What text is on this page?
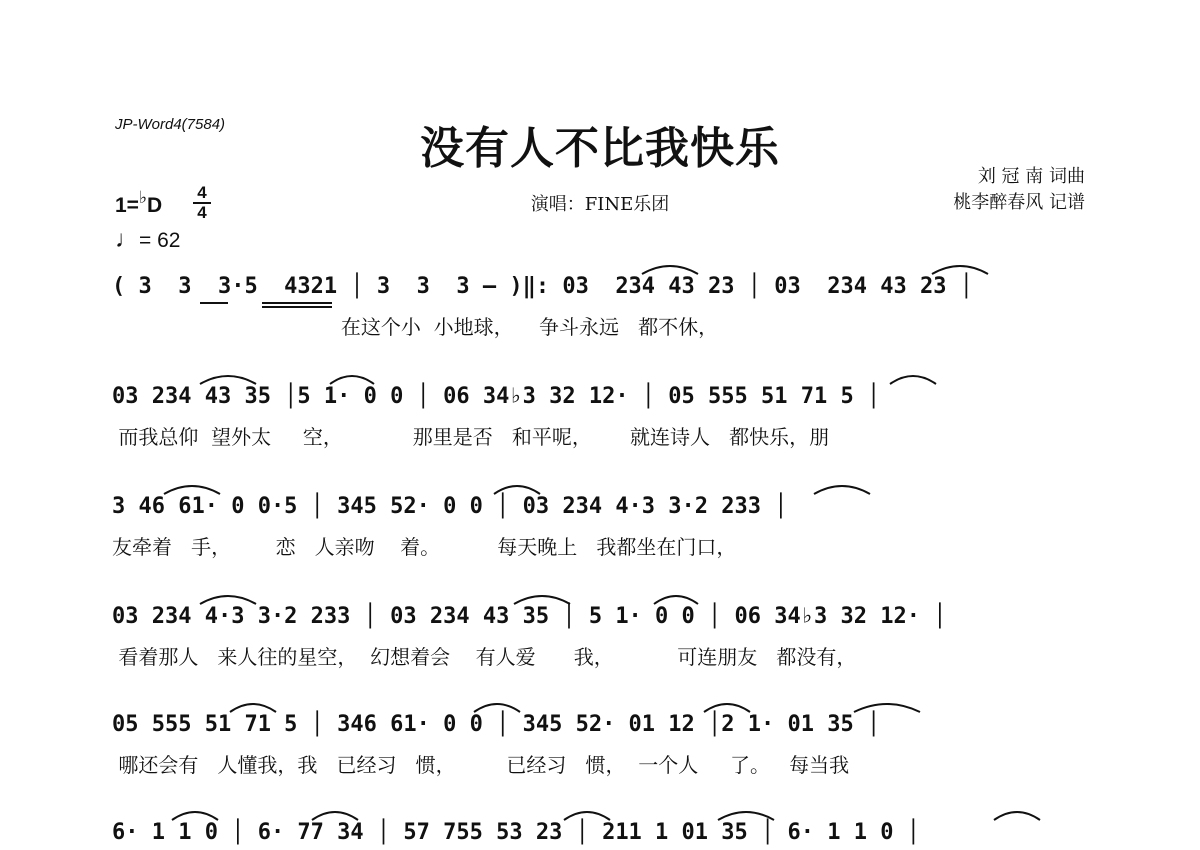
JP-Word4(7584)	没有人不比我快乐
刘 冠 南 词曲
桃李醉春风 记谱
演唱：FINE乐团
1=♭D
4
4
♩= 62
( 3  3  3·5  4321 │ 3  3  3 – )‖: 03  234 43 23 │ 03  234 43 23 │
在这个小  小地球，    争斗永远   都不休，
03 234 43 35 │5 1· 0 0 │ 06 34♭3 32 12· │ 05 555 51 71 5 │
而我总仰  望外太     空，           那里是否   和平呢，      就连诗人   都快乐，朋
3 46 61· 0 0·5 │ 345 52· 0 0 │ 03 234 4·3 3·2 233 │
友牵着   手，       恋   人亲吻    着。         每天晚上   我都坐在门口，
03 234 4·3 3·2 233 │ 03 234 43 35 │ 5 1· 0 0 │ 06 34♭3 32 12· │
看着那人   来人往的星空，  幻想着会    有人爱      我，          可连朋友   都没有，
05 555 51 71 5 │ 346 61· 0 0 │ 345 52· 01 12 │2 1· 01 35 │
哪还会有   人懂我，我   已经习   惯，        已经习   惯，  一个人     了。   每当我
6· 1 1 0 │ 6· 77 34 │ 57 755 53 23 │ 211 1 01 35 │ 6· 1 1 0 │
